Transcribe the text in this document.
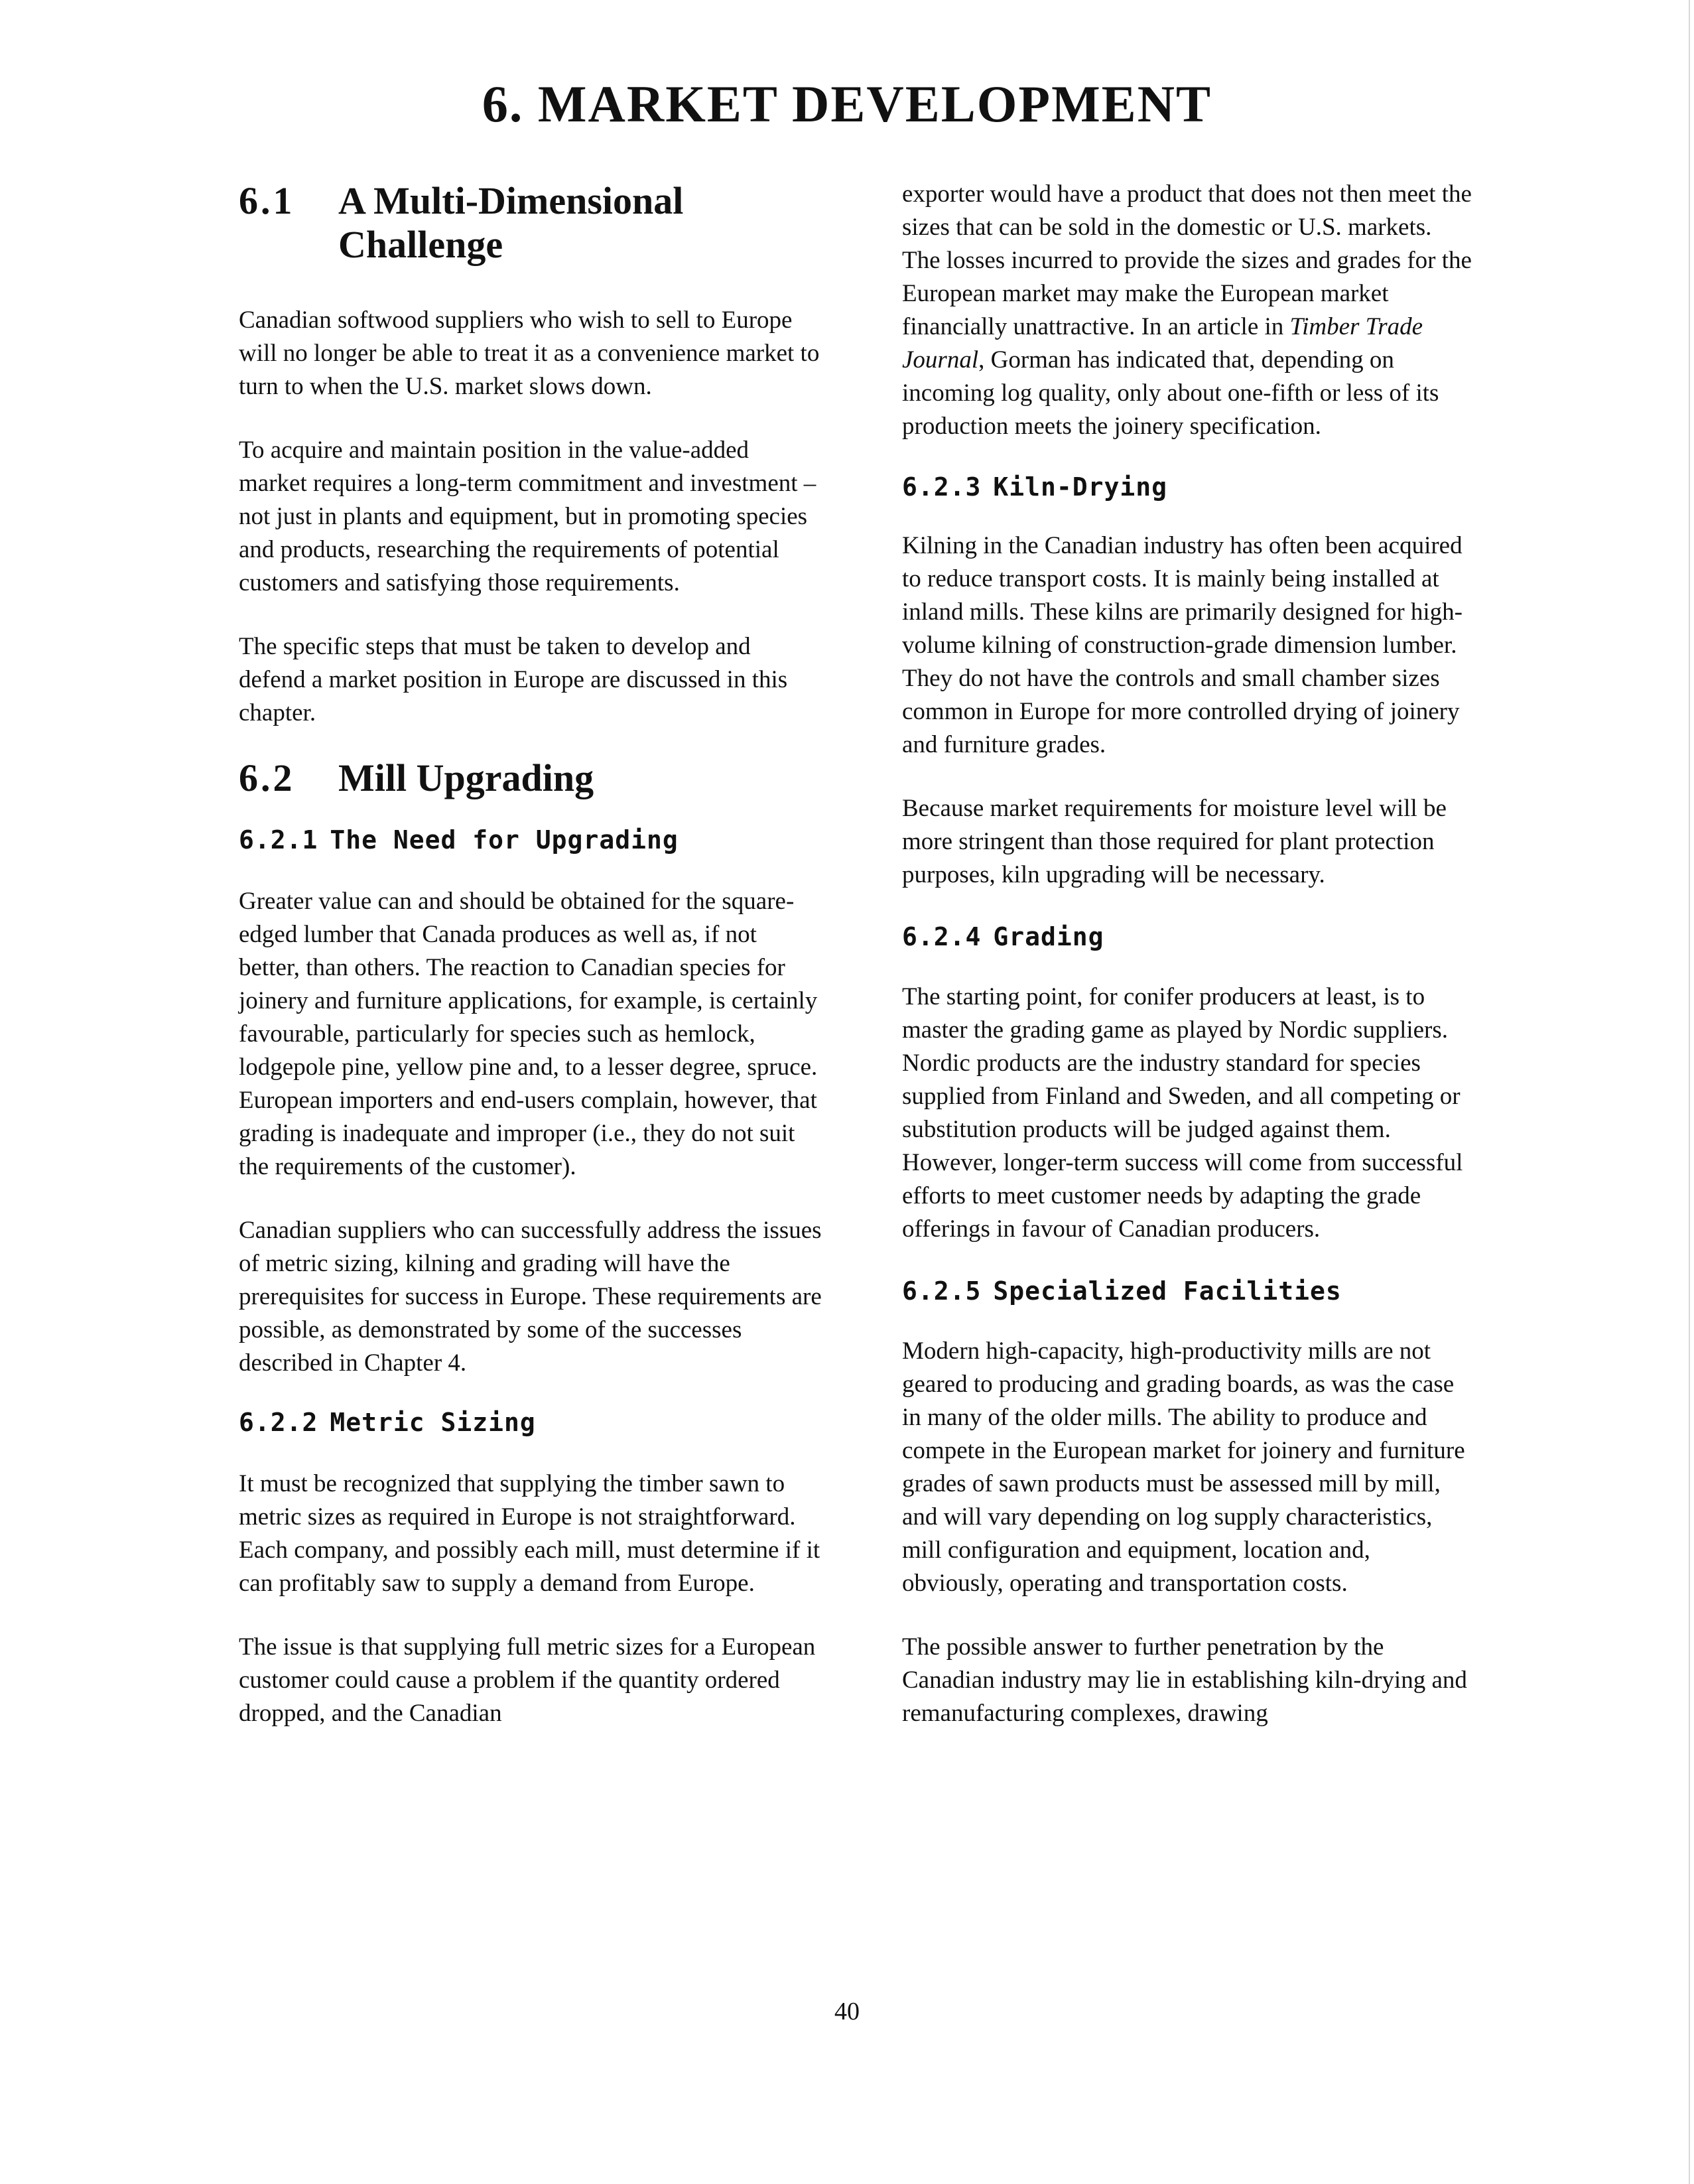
6. MARKET DEVELOPMENT
6.1	A Multi-Dimensional Challenge

Canadian softwood suppliers who wish to sell to Europe will no longer be able to treat it as a convenience market to turn to when the U.S. market slows down.

To acquire and maintain position in the value-added market requires a long-term commitment and investment – not just in plants and equipment, but in promoting species and products, researching the requirements of potential customers and satisfying those requirements.

The specific steps that must be taken to develop and defend a market position in Europe are discussed in this chapter.

6.2	Mill Upgrading
6.2.1 The Need for Upgrading

Greater value can and should be obtained for the square-edged lumber that Canada produces as well as, if not better, than others. The reaction to Canadian species for joinery and furniture applications, for example, is certainly favourable, particularly for species such as hemlock, lodgepole pine, yellow pine and, to a lesser degree, spruce. European importers and end-users complain, however, that grading is inadequate and improper (i.e., they do not suit the requirements of the customer).

Canadian suppliers who can successfully address the issues of metric sizing, kilning and grading will have the prerequisites for success in Europe. These requirements are possible, as demonstrated by some of the successes described in Chapter 4.

6.2.2 Metric Sizing

It must be recognized that supplying the timber sawn to metric sizes as required in Europe is not straightforward. Each company, and possibly each mill, must determine if it can profitably saw to supply a demand from Europe.

The issue is that supplying full metric sizes for a European customer could cause a problem if the quantity ordered dropped, and the Canadian

exporter would have a product that does not then meet the sizes that can be sold in the domestic or U.S. markets. The losses incurred to provide the sizes and grades for the European market may make the European market financially unattractive. In an article in Timber Trade Journal, Gorman has indicated that, depending on incoming log quality, only about one-fifth or less of its production meets the joinery specification.

6.2.3 Kiln-Drying

Kilning in the Canadian industry has often been acquired to reduce transport costs. It is mainly being installed at inland mills. These kilns are primarily designed for high-volume kilning of construction-grade dimension lumber. They do not have the controls and small chamber sizes common in Europe for more controlled drying of joinery and furniture grades.

Because market requirements for moisture level will be more stringent than those required for plant protection purposes, kiln upgrading will be necessary.

6.2.4 Grading

The starting point, for conifer producers at least, is to master the grading game as played by Nordic suppliers. Nordic products are the industry standard for species supplied from Finland and Sweden, and all competing or substitution products will be judged against them. However, longer-term success will come from successful efforts to meet customer needs by adapting the grade offerings in favour of Canadian producers.

6.2.5 Specialized Facilities

Modern high-capacity, high-productivity mills are not geared to producing and grading boards, as was the case in many of the older mills. The ability to produce and compete in the European market for joinery and furniture grades of sawn products must be assessed mill by mill, and will vary depending on log supply characteristics, mill configuration and equipment, location and, obviously, operating and transportation costs.

The possible answer to further penetration by the Canadian industry may lie in establishing kiln-drying and remanufacturing complexes, drawing

40
